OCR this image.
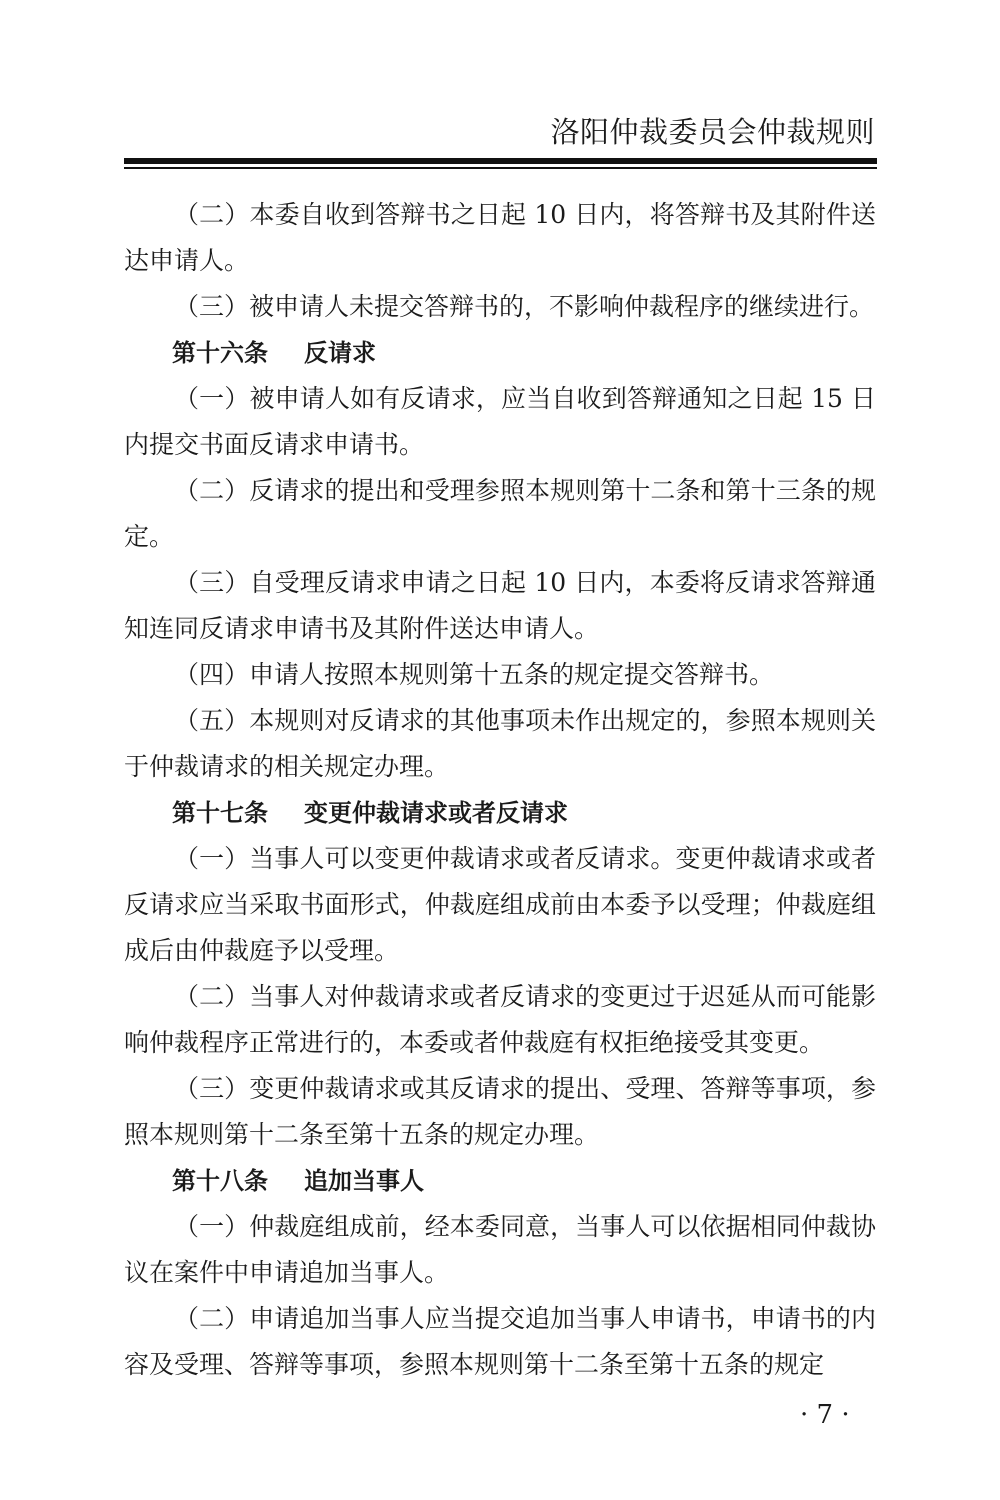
洛阳仲裁委员会仲裁规则

（二）本委自收到答辩书之日起 10 日内，将答辩书及其附件送达申请人。

（三）被申请人未提交答辩书的，不影响仲裁程序的继续进行。

第十六条 反请求

（一）被申请人如有反请求，应当自收到答辩通知之日起 15 日内提交书面反请求申请书。

（二）反请求的提出和受理参照本规则第十二条和第十三条的规定。

（三）自受理反请求申请之日起 10 日内，本委将反请求答辩通知连同反请求申请书及其附件送达申请人。

（四）申请人按照本规则第十五条的规定提交答辩书。

（五）本规则对反请求的其他事项未作出规定的，参照本规则关于仲裁请求的相关规定办理。

第十七条 变更仲裁请求或者反请求

（一）当事人可以变更仲裁请求或者反请求。变更仲裁请求或者反请求应当采取书面形式，仲裁庭组成前由本委予以受理；仲裁庭组成后由仲裁庭予以受理。

（二）当事人对仲裁请求或者反请求的变更过于迟延从而可能影响仲裁程序正常进行的，本委或者仲裁庭有权拒绝接受其变更。

（三）变更仲裁请求或其反请求的提出、受理、答辩等事项，参照本规则第十二条至第十五条的规定办理。

第十八条 追加当事人

（一）仲裁庭组成前，经本委同意，当事人可以依据相同仲裁协议在案件中申请追加当事人。

（二）申请追加当事人应当提交追加当事人申请书，申请书的内容及受理、答辩等事项，参照本规则第十二条至第十五条的规定

· 7 ·
